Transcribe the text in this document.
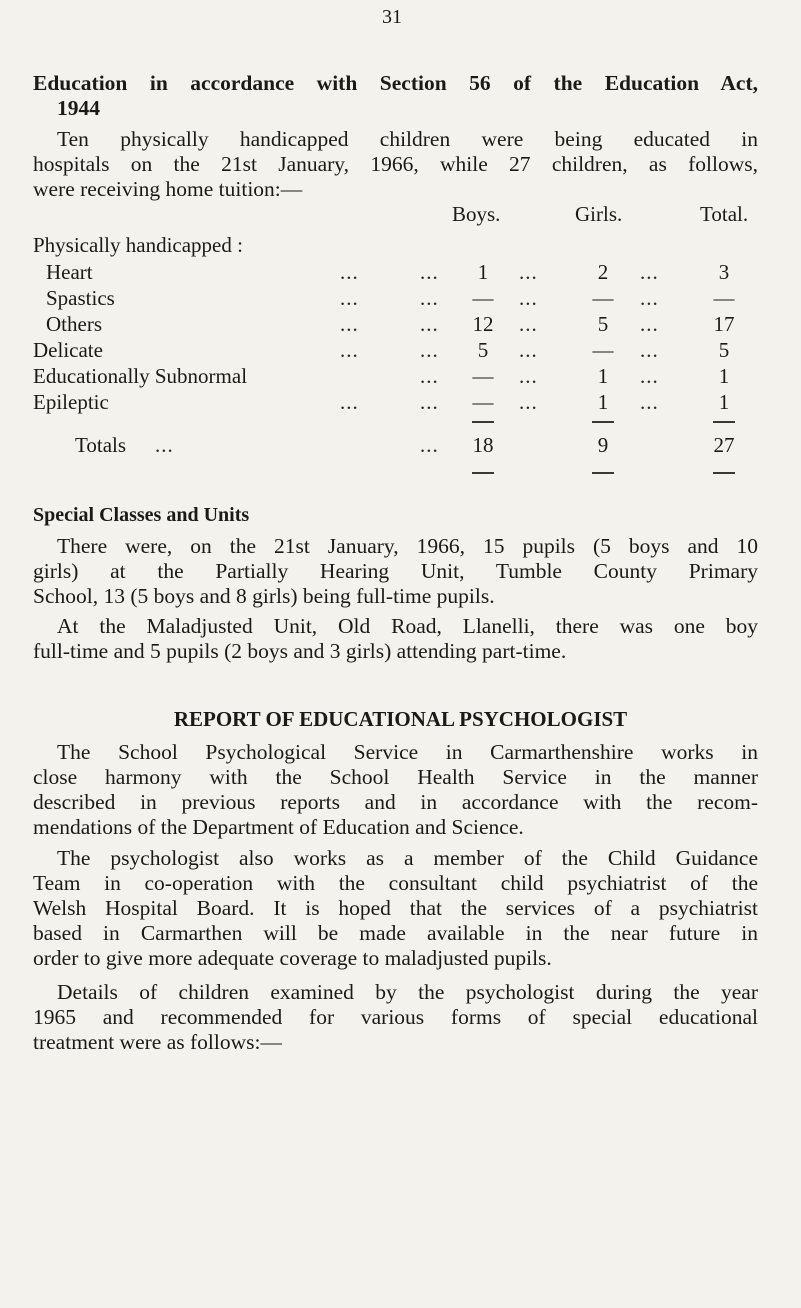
31
Education in accordance with Section 56 of the Education Act,
1944
Ten physically handicapped children were being educated in
hospitals on the 21st January, 1966, while 27 children, as follows,
were receiving home tuition:—
Boys.	Girls.	Total.
Physically handicapped :
Heart	...	...	1	...	2	...	3
Spastics	...	...	—	...	—	...	—
Others	...	...	12	...	5	...	17
Delicate	...	...	5	...	—	...	5
Educationally Subnormal	...	—	...	1	...	1
Epileptic	...	...	—	...	1	...	1
Totals ...	...	18	9	27
Special Classes and Units
There were, on the 21st January, 1966, 15 pupils (5 boys and 10
girls) at the Partially Hearing Unit, Tumble County Primary
School, 13 (5 boys and 8 girls) being full-time pupils.
At the Maladjusted Unit, Old Road, Llanelli, there was one boy
full-time and 5 pupils (2 boys and 3 girls) attending part-time.
REPORT OF EDUCATIONAL PSYCHOLOGIST
The School Psychological Service in Carmarthenshire works in
close harmony with the School Health Service in the manner
described in previous reports and in accordance with the recom-
mendations of the Department of Education and Science.
The psychologist also works as a member of the Child Guidance
Team in co-operation with the consultant child psychiatrist of the
Welsh Hospital Board. It is hoped that the services of a psychiatrist
based in Carmarthen will be made available in the near future in
order to give more adequate coverage to maladjusted pupils.
Details of children examined by the psychologist during the year
1965 and recommended for various forms of special educational
treatment were as follows:—
